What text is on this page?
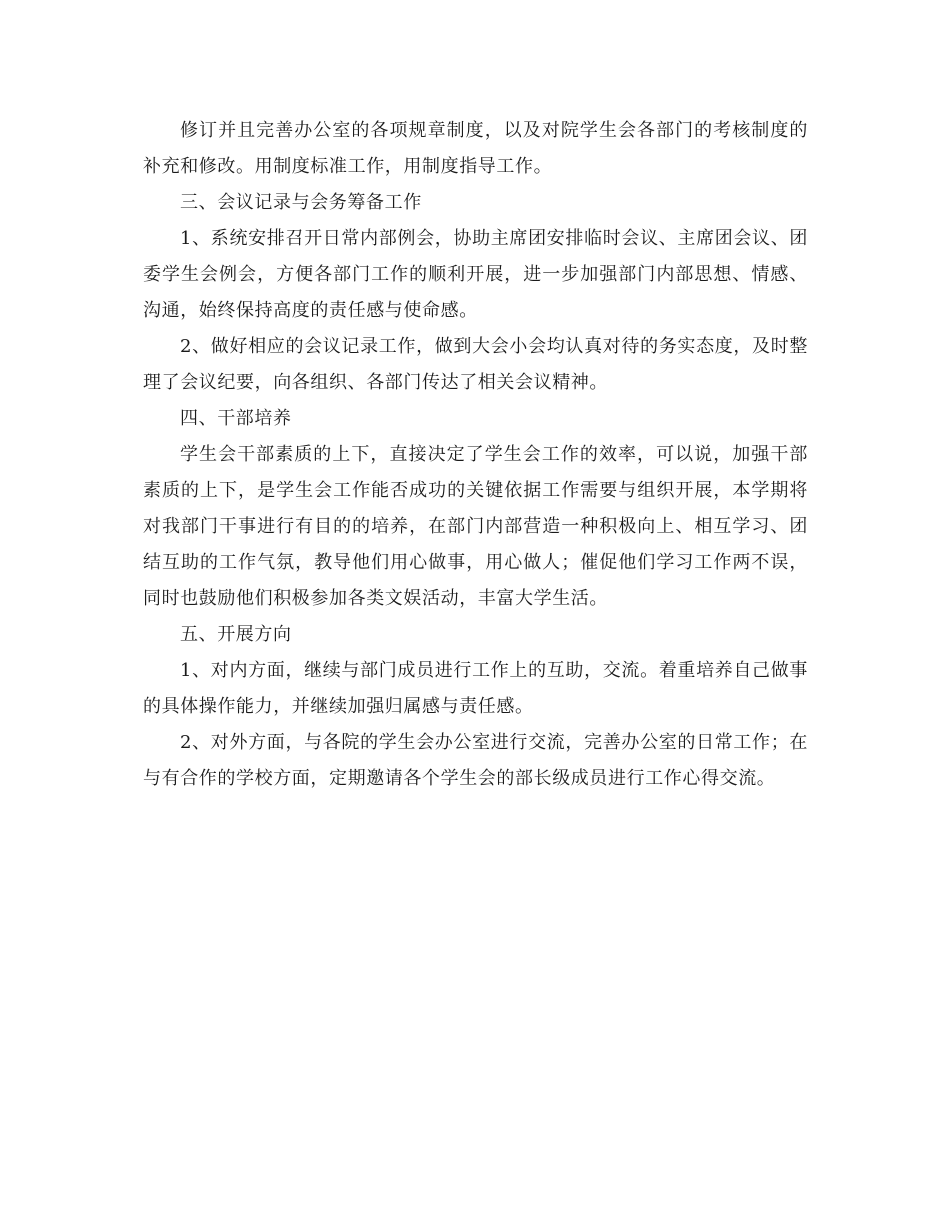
修订并且完善办公室的各项规章制度，以及对院学生会各部门的考核制度的补充和修改。用制度标准工作，用制度指导工作。

三、会议记录与会务筹备工作

1、系统安排召开日常内部例会，协助主席团安排临时会议、主席团会议、团委学生会例会，方便各部门工作的顺利开展，进一步加强部门内部思想、情感、沟通，始终保持高度的责任感与使命感。

2、做好相应的会议记录工作，做到大会小会均认真对待的务实态度，及时整理了会议纪要，向各组织、各部门传达了相关会议精神。

四、干部培养

学生会干部素质的上下，直接决定了学生会工作的效率，可以说，加强干部素质的上下，是学生会工作能否成功的关键依据工作需要与组织开展，本学期将对我部门干事进行有目的的培养，在部门内部营造一种积极向上、相互学习、团结互助的工作气氛，教导他们用心做事，用心做人；催促他们学习工作两不误，同时也鼓励他们积极参加各类文娱活动，丰富大学生活。

五、开展方向

1、对内方面，继续与部门成员进行工作上的互助，交流。着重培养自己做事的具体操作能力，并继续加强归属感与责任感。

2、对外方面，与各院的学生会办公室进行交流，完善办公室的日常工作；在与有合作的学校方面，定期邀请各个学生会的部长级成员进行工作心得交流。
